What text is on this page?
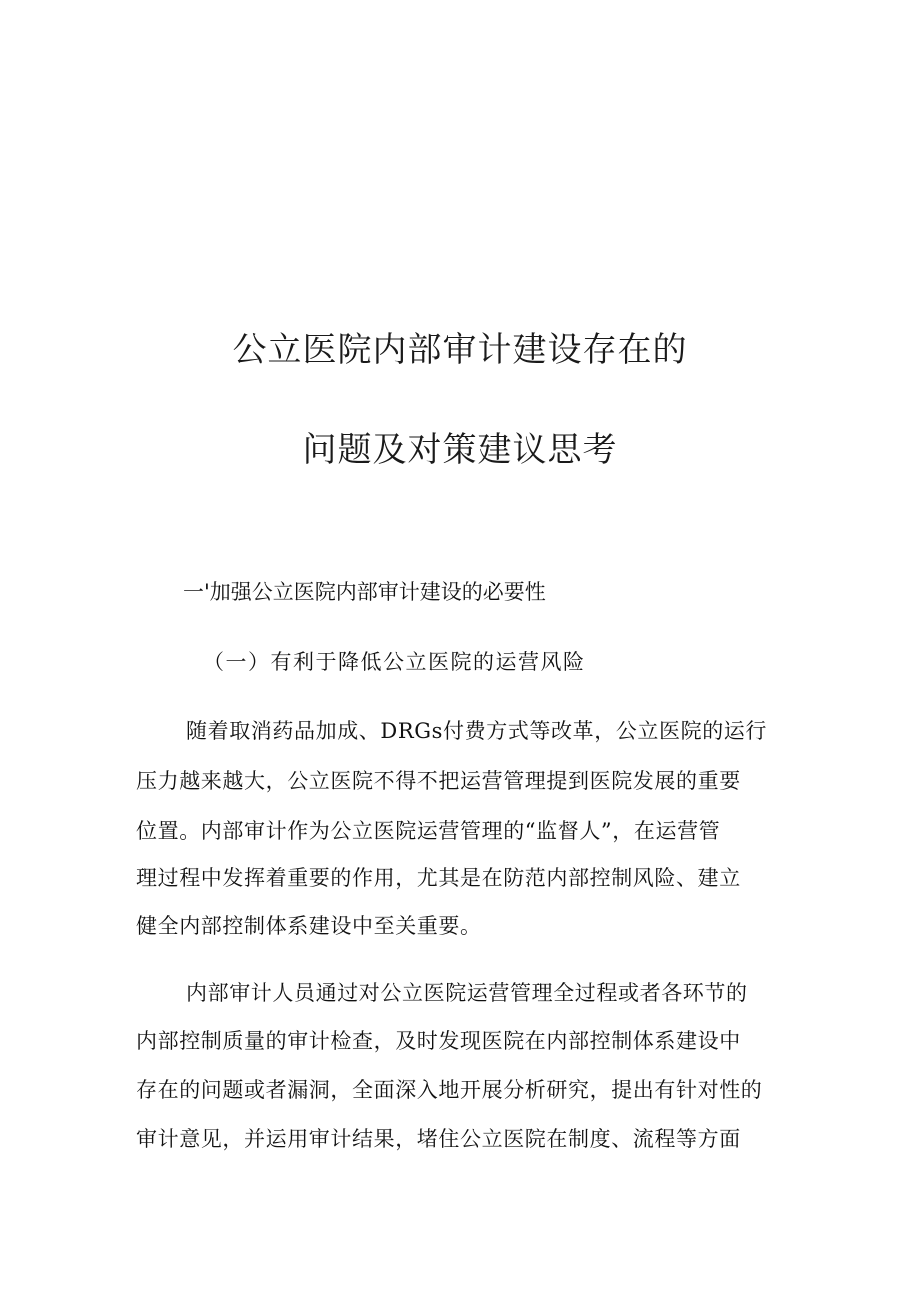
公立医院内部审计建设存在的
问题及对策建议思考
一'加强公立医院内部审计建设的必要性
（一）有利于降低公立医院的运营风险
随着取消药品加成、DRGs付费方式等改革，公立医院的运行
压力越来越大，公立医院不得不把运营管理提到医院发展的重要
位置。内部审计作为公立医院运营管理的“监督人”，在运营管
理过程中发挥着重要的作用，尤其是在防范内部控制风险、建立
健全内部控制体系建设中至关重要。
内部审计人员通过对公立医院运营管理全过程或者各环节的
内部控制质量的审计检查，及时发现医院在内部控制体系建设中
存在的问题或者漏洞，全面深入地开展分析研究，提出有针对性的
审计意见，并运用审计结果，堵住公立医院在制度、流程等方面
